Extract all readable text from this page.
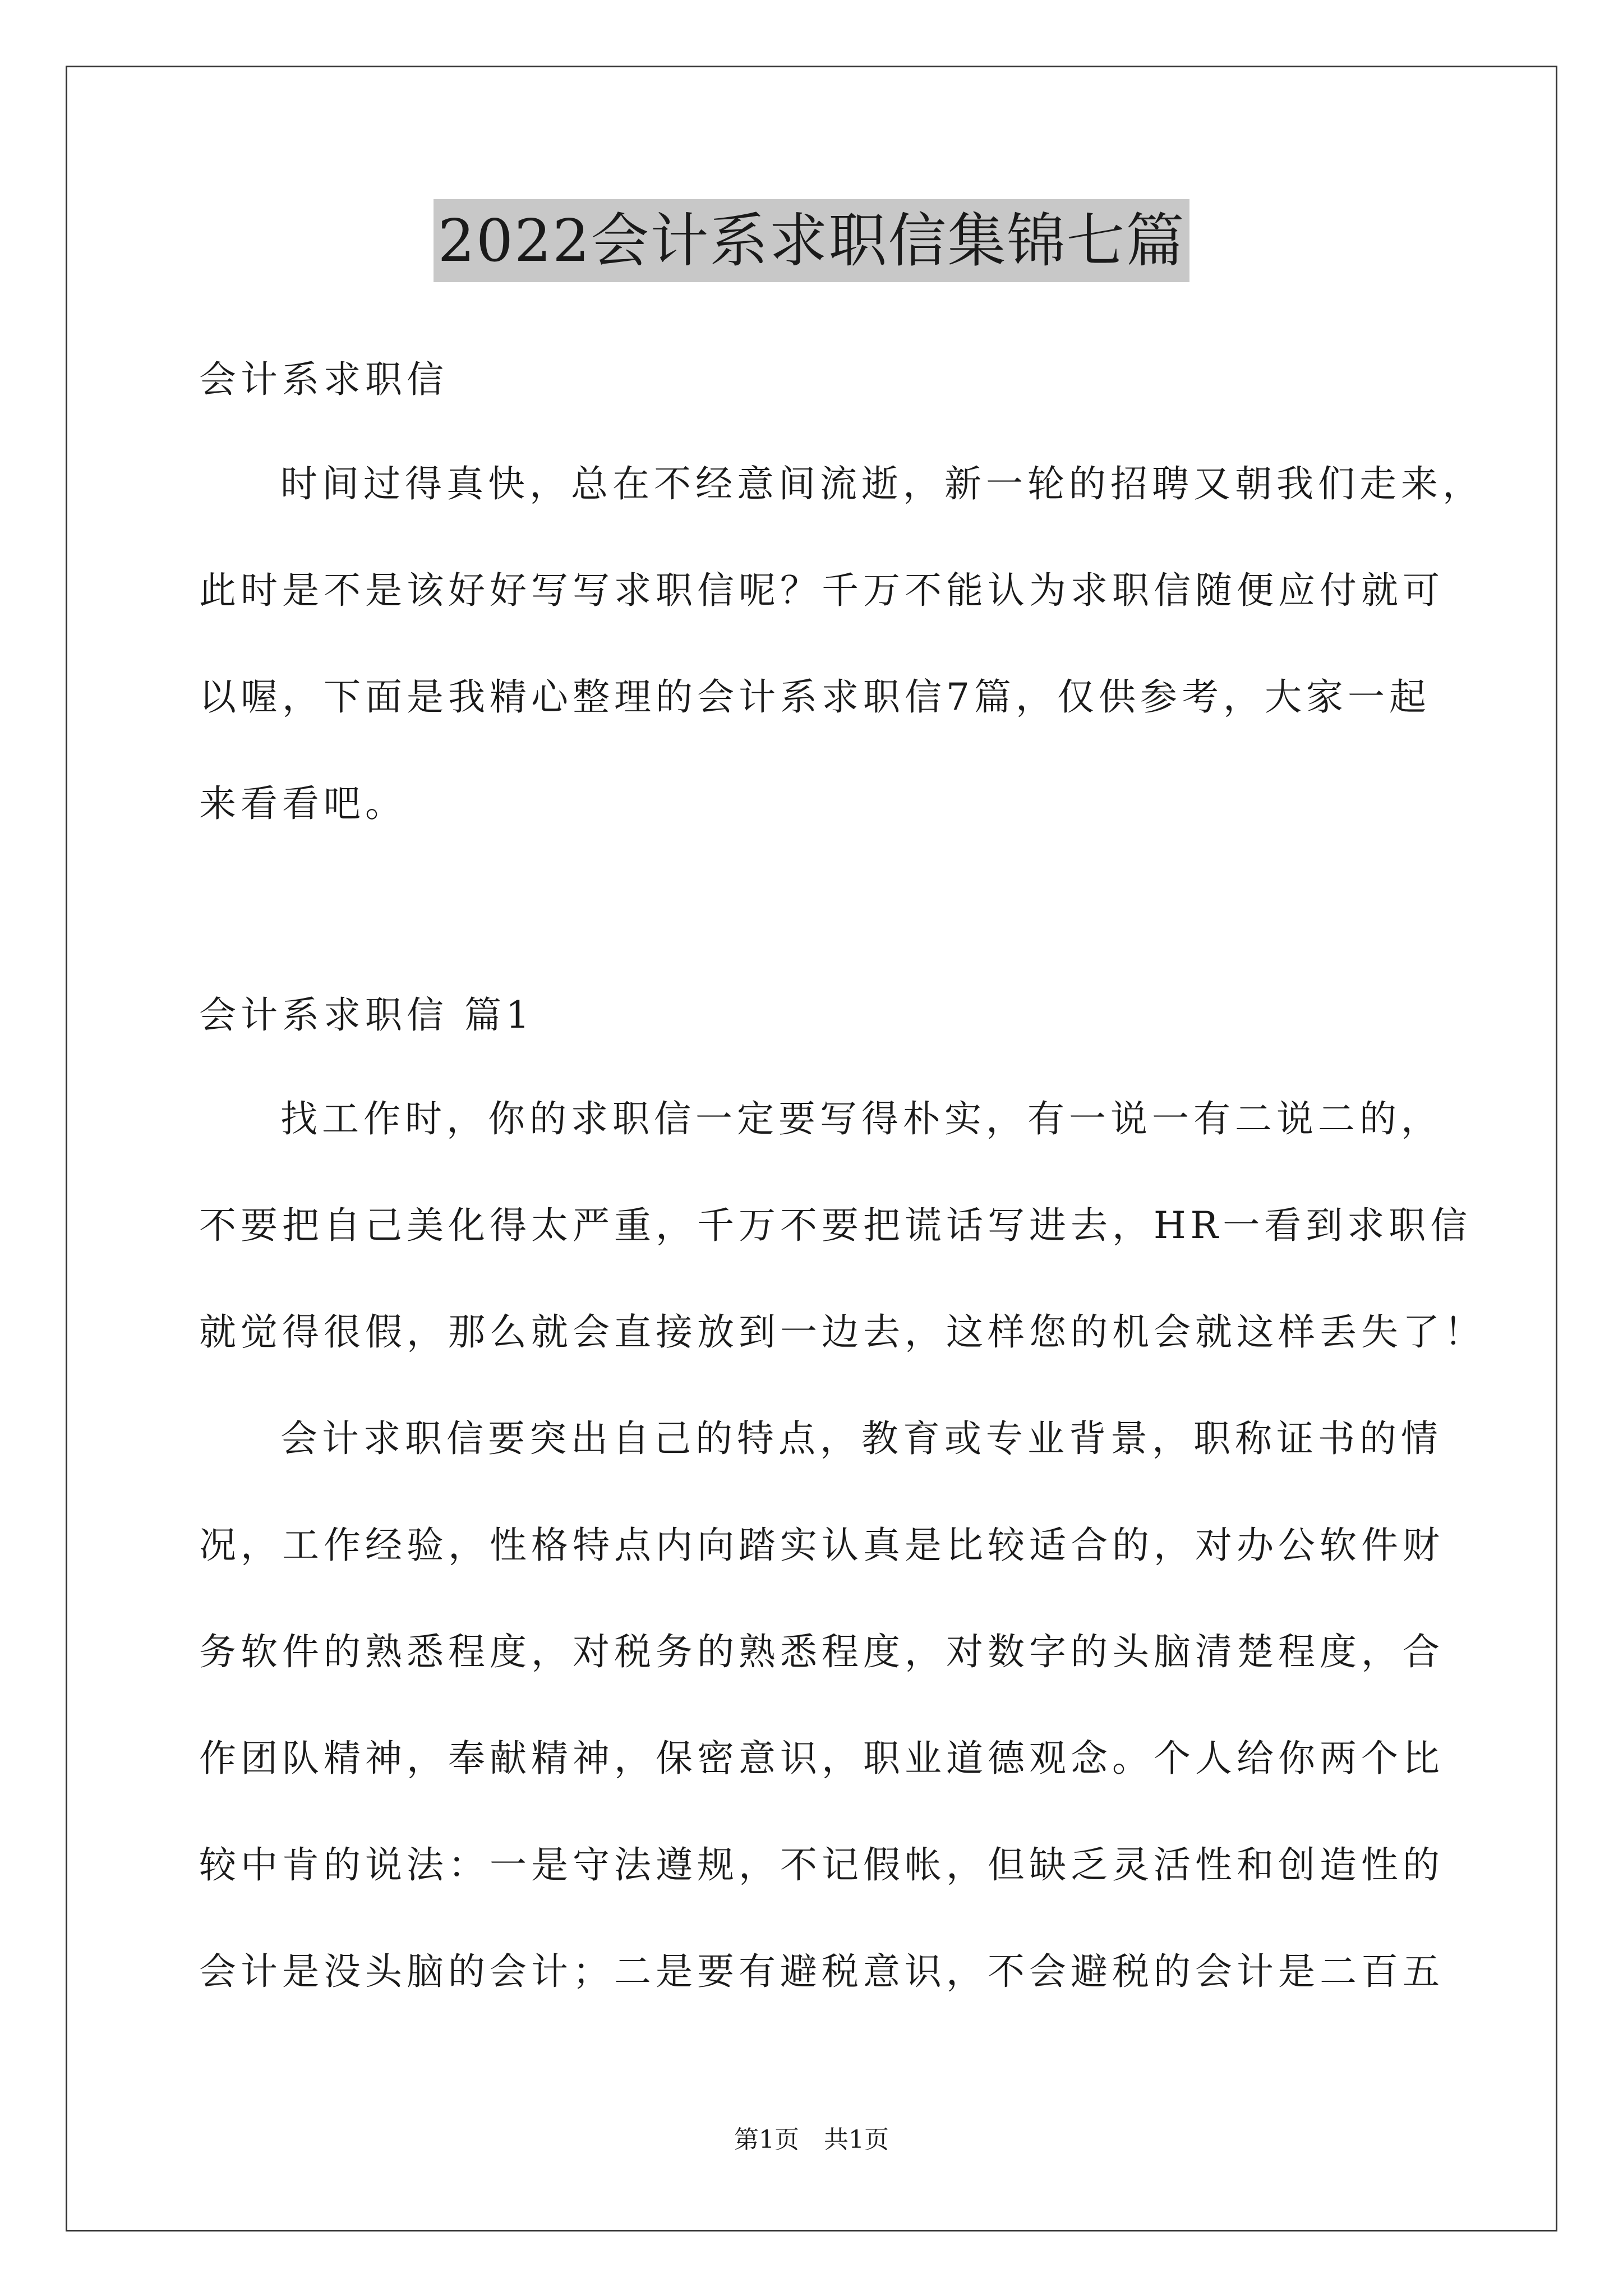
2022会计系求职信集锦七篇
会计系求职信

时间过得真快，总在不经意间流逝，新一轮的招聘又朝我们走来，

此时是不是该好好写写求职信呢？千万不能认为求职信随便应付就可

以喔，下面是我精心整理的会计系求职信7篇，仅供参考，大家一起

来看看吧。

会计系求职信 篇1

找工作时，你的求职信一定要写得朴实，有一说一有二说二的，

不要把自己美化得太严重，千万不要把谎话写进去，HR一看到求职信

就觉得很假，那么就会直接放到一边去，这样您的机会就这样丢失了！

会计求职信要突出自己的特点，教育或专业背景，职称证书的情

况，工作经验，性格特点内向踏实认真是比较适合的，对办公软件财

务软件的熟悉程度，对税务的熟悉程度，对数字的头脑清楚程度，合

作团队精神，奉献精神，保密意识，职业道德观念。个人给你两个比

较中肯的说法：一是守法遵规，不记假帐，但缺乏灵活性和创造性的

会计是没头脑的会计；二是要有避税意识，不会避税的会计是二百五

第1页　共1页
